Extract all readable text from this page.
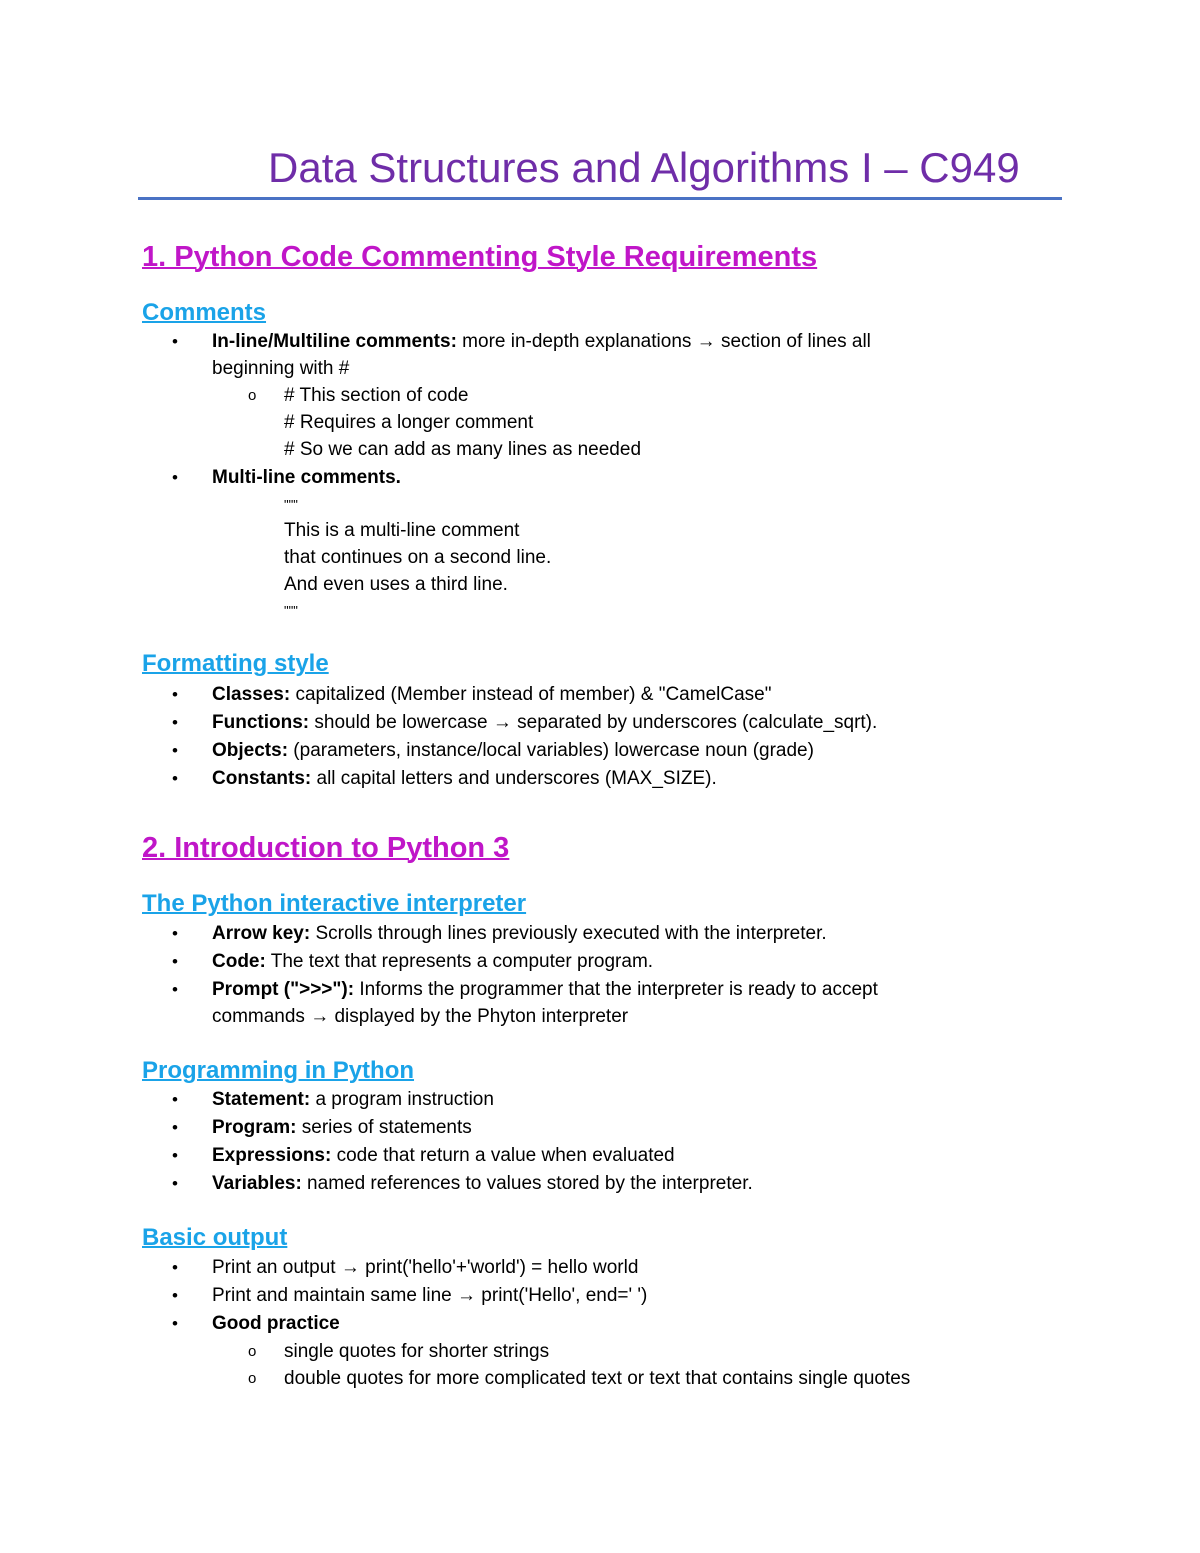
Data Structures and Algorithms I – C949
1. Python Code Commenting Style Requirements
Comments
• In-line/Multiline comments: more in-depth explanations → section of lines all
beginning with #
o # This section of code
# Requires a longer comment
# So we can add as many lines as needed
• Multi-line comments.
"""
This is a multi-line comment
that continues on a second line.
And even uses a third line.
"""
Formatting style
• Classes: capitalized (Member instead of member) & "CamelCase"
• Functions: should be lowercase → separated by underscores (calculate_sqrt).
• Objects: (parameters, instance/local variables) lowercase noun (grade)
• Constants: all capital letters and underscores (MAX_SIZE).
2. Introduction to Python 3
The Python interactive interpreter
• Arrow key: Scrolls through lines previously executed with the interpreter.
• Code: The text that represents a computer program.
• Prompt (">>>"): Informs the programmer that the interpreter is ready to accept
commands → displayed by the Phyton interpreter
Programming in Python
• Statement: a program instruction
• Program: series of statements
• Expressions: code that return a value when evaluated
• Variables: named references to values stored by the interpreter.
Basic output
• Print an output → print('hello'+'world') = hello world
• Print and maintain same line → print('Hello', end=' ')
• Good practice
o single quotes for shorter strings
o double quotes for more complicated text or text that contains single quotes
